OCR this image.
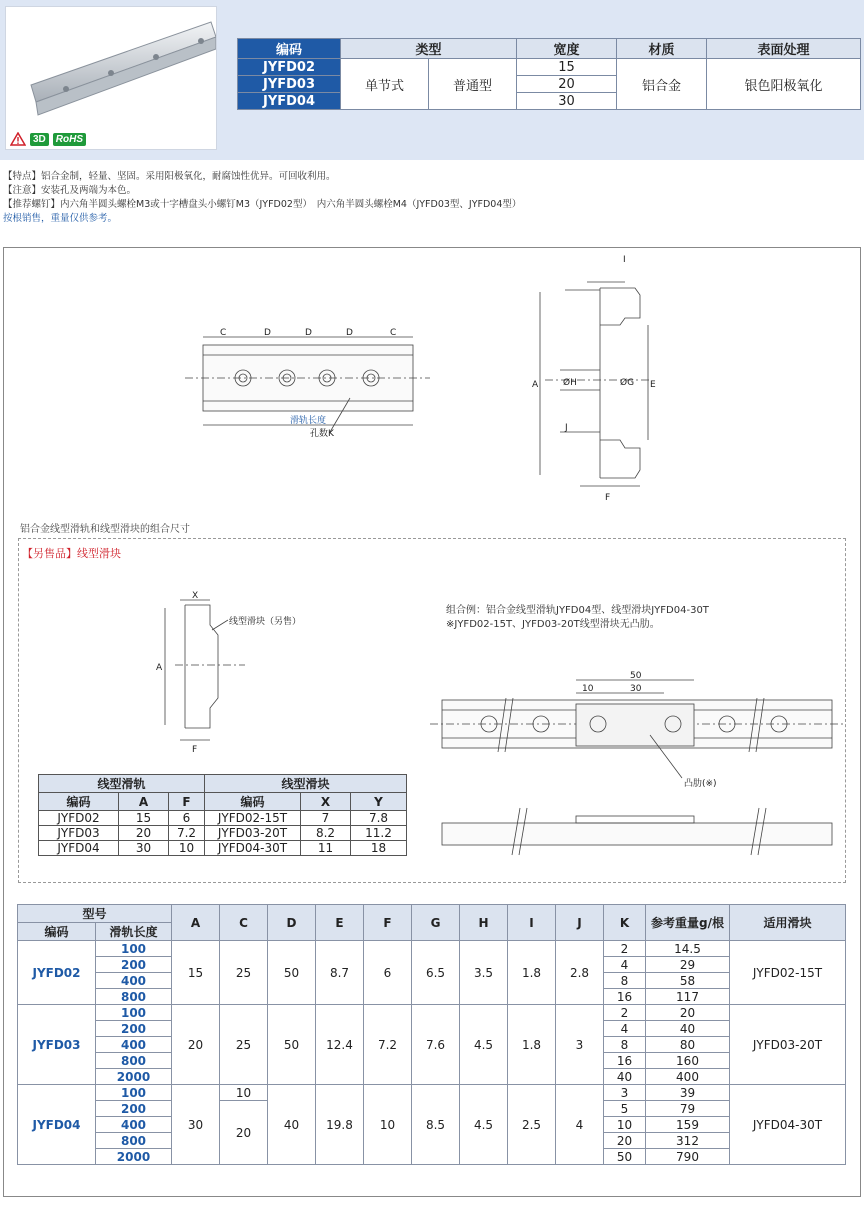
3D	RoHS
编码	类型		宽度	材质	表面处理
JYFD02	单节式	普通型	15	铝合金	银色阳极氧化
JYFD03			20		
JYFD04			30		
【特点】铝合金制，轻量、坚固。采用阳极氧化，耐腐蚀性优异。可回收利用。
【注意】安装孔及两端为本色。
【推荐螺钉】内六角半圆头螺栓M3或十字槽盘头小螺钉M3（JYFD02型）　内六角半圆头螺栓M4（JYFD03型、JYFD04型）
按根销售，重量仅供参考。
C	D	D	D	C
滑轨长度
孔数K
A	E
F
ØG
ØH
I
J
铝合金线型滑轨和线型滑块的组合尺寸
【另售品】线型滑块
X
A
F
线型滑块（另售）
50
10	30
凸肋(※)
组合例：铝合金线型滑轨JYFD04型、线型滑块JYFD04-30T
※JYFD02-15T、JYFD03-20T线型滑块无凸肋。
线型滑轨			线型滑块		
编码	A	F	编码	X	Y
JYFD02	15	6	JYFD02-15T	7	7.8
JYFD03	20	7.2	JYFD03-20T	8.2	11.2
JYFD04	30	10	JYFD04-30T	11	18
型号		A	C	D	E	F	G	H	I	J	K	参考重量g/根	适用滑块
编码	滑轨长度												
JYFD02	100	15	25	50	8.7	6	6.5	3.5	1.8	2.8	2	14.5	JYFD02-15T
	200										4	29	
	400										8	58	
	800										16	117	
JYFD03	100	20	25	50	12.4	7.2	7.6	4.5	1.8	3	2	20	JYFD03-20T
	200										4	40	
	400										8	80	
	800										16	160	
	2000										40	400	
JYFD04	100	30	10	40	19.8	10	8.5	4.5	2.5	4	3	39	JYFD04-30T
	200		20								5	79	
	400										10	159	
	800										20	312	
	2000										50	790	
